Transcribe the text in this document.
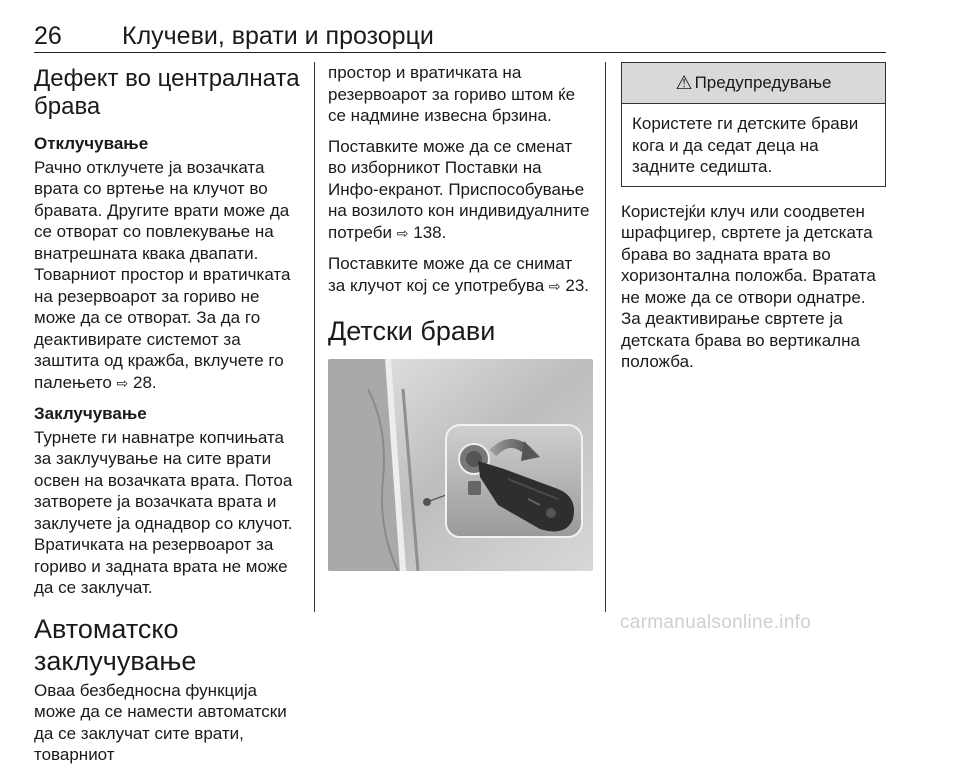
26 Клучеви, врати и прозорци
Дефект во централната брава
Отклучување

Рачно отклучете ја возачката врата со вртење на клучот во бравата. Другите врати може да се отворат со повлекување на внатрешната квака двапати. Товарниот простор и вратичката на резервоарот за гориво не може да се отворат. За да го деактивирате системот за заштита од кражба, вклучете го палењето ⇨ 28.

Заклучување

Турнете ги навнатре копчињата за заклучување на сите врати освен на возачката врата. Потоа затворете ја возачката врата и заклучете ја однадвор со клучот. Вратичката на резервоарот за гориво и задната врата не може да се заклучат.

Автоматско заклучување

Оваа безбедносна функција може да се намести автоматски да се заклучат сите врати, товарниот

простор и вратичката на резервоарот за гориво штом ќе се надмине извесна брзина.

Поставките може да се сменат во изборникот Поставки на Инфо-екранот. Приспособување на возилото кон индивидуалните потреби ⇨ 138.

Поставките може да се снимат за клучот кој се употребува ⇨ 23.

Детски брави
⚠ Предупредување
Користете ги детските брави кога и да седат деца на задните седишта.

Користејќи клуч или соодветен шрафцигер, свртете ја детската брава во задната врата во хоризонтална положба. Вратата не може да се отвори однатре. За деактивирање свртете ја детската брава во вертикална положба.

carmanualsonline.info
